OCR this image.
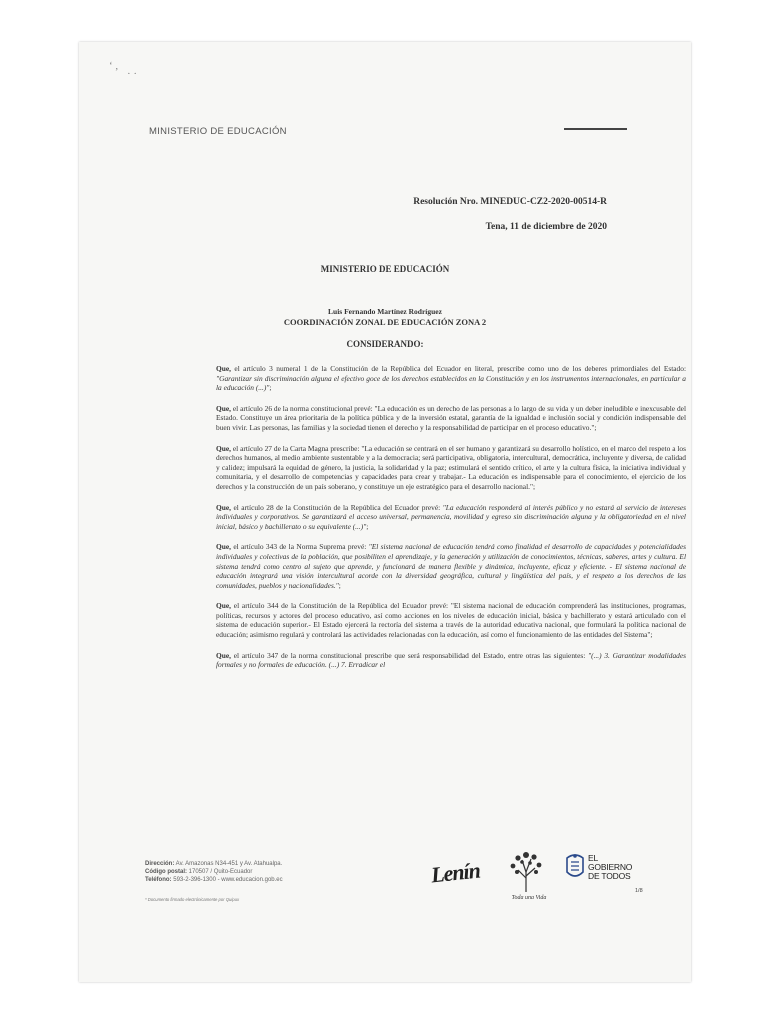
‘ ,
· ·
MINISTERIO DE EDUCACIÓN
Resolución Nro. MINEDUC-CZ2-2020-00514-R
Tena, 11 de diciembre de 2020
MINISTERIO DE EDUCACIÓN
Luis Fernando Martínez Rodríguez
COORDINACIÓN ZONAL DE EDUCACIÓN ZONA 2
CONSIDERANDO:

Que, el artículo 3 numeral 1 de la Constitución de la República del Ecuador en literal, prescribe como uno de los deberes primordiales del Estado: "Garantizar sin discriminación alguna el efectivo goce de los derechos establecidos en la Constitución y en los instrumentos internacionales, en particular a la educación (...)";

Que, el artículo 26 de la norma constitucional prevé: "La educación es un derecho de las personas a lo largo de su vida y un deber ineludible e inexcusable del Estado. Constituye un área prioritaria de la política pública y de la inversión estatal, garantía de la igualdad e inclusión social y condición indispensable del buen vivir. Las personas, las familias y la sociedad tienen el derecho y la responsabilidad de participar en el proceso educativo.";

Que, el artículo 27 de la Carta Magna prescribe: "La educación se centrará en el ser humano y garantizará su desarrollo holístico, en el marco del respeto a los derechos humanos, al medio ambiente sustentable y a la democracia; será participativa, obligatoria, intercultural, democrática, incluyente y diversa, de calidad y calidez; impulsará la equidad de género, la justicia, la solidaridad y la paz; estimulará el sentido crítico, el arte y la cultura física, la iniciativa individual y comunitaria, y el desarrollo de competencias y capacidades para crear y trabajar.- La educación es indispensable para el conocimiento, el ejercicio de los derechos y la construcción de un país soberano, y constituye un eje estratégico para el desarrollo nacional.";

Que, el artículo 28 de la Constitución de la República del Ecuador prevé: "La educación responderá al interés público y no estará al servicio de intereses individuales y corporativos. Se garantizará el acceso universal, permanencia, movilidad y egreso sin discriminación alguna y la obligatoriedad en el nivel inicial, básico y bachillerato o su equivalente (...)";

Que, el artículo 343 de la Norma Suprema prevé: "El sistema nacional de educación tendrá como finalidad el desarrollo de capacidades y potencialidades individuales y colectivas de la población, que posibiliten el aprendizaje, y la generación y utilización de conocimientos, técnicas, saberes, artes y cultura. El sistema tendrá como centro al sujeto que aprende, y funcionará de manera flexible y dinámica, incluyente, eficaz y eficiente. - El sistema nacional de educación integrará una visión intercultural acorde con la diversidad geográfica, cultural y lingüística del país, y el respeto a los derechos de las comunidades, pueblos y nacionalidades.";

Que, el artículo 344 de la Constitución de la República del Ecuador prevé: "El sistema nacional de educación comprenderá las instituciones, programas, políticas, recursos y actores del proceso educativo, así como acciones en los niveles de educación inicial, básica y bachillerato y estará articulado con el sistema de educación superior.- El Estado ejercerá la rectoría del sistema a través de la autoridad educativa nacional, que formulará la política nacional de educación; asimismo regulará y controlará las actividades relacionadas con la educación, así como el funcionamiento de las entidades del Sistema";

Que, el artículo 347 de la norma constitucional prescribe que será responsabilidad del Estado, entre otras las siguientes: "(...) 3. Garantizar modalidades formales y no formales de educación. (...) 7. Erradicar el

Dirección: Av. Amazonas N34-451 y Av. Atahualpa.
Código postal: 170507 / Quito-Ecuador
Teléfono: 593-2-396-1300 - www.educacion.gob.ec
* Documento firmado electrónicamente por Quipux
Lenín
Toda una Vida
EL
GOBIERNO
DE TODOS
1/8
